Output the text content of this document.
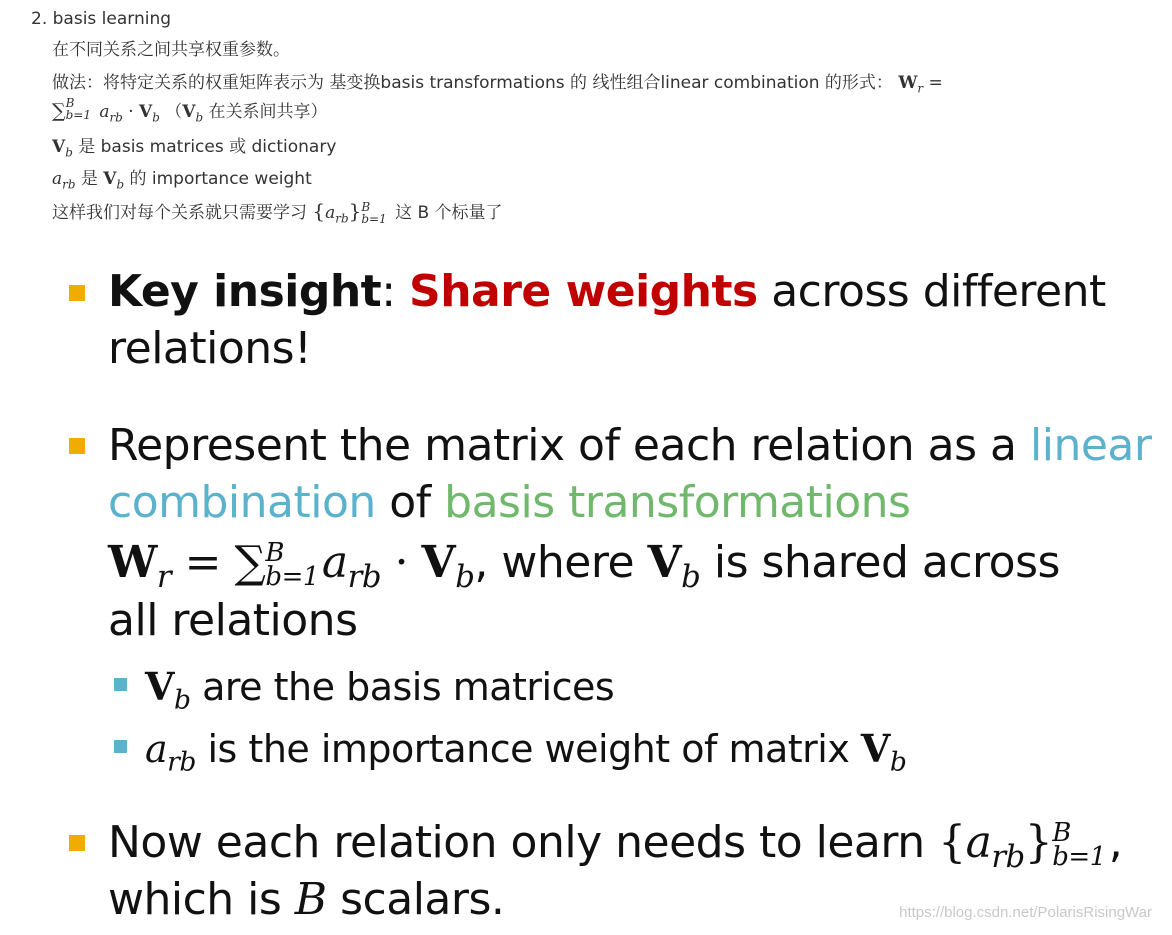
2. basis learning
在不同关系之间共享权重参数。
做法：将特定关系的权重矩阵表示为 基变换basis transformations 的 线性组合linear combination 的形式： $W_r$ =
∑ B
b=1 $a_{rb} \cdot V_b$ （$V_b$ 在关系间共享）
$V_b$ 是 basis matrices 或 dictionary
$a_{rb}$ 是 $V_b$ 的 importance weight
这样我们对每个关系就只需要学习 $\{a_{rb}\}$ B
b=1 这 B 个标量了
Key insight: Share weights across different
relations!
Represent the matrix of each relation as a linear
combination of basis transformations
$W_r$ = ∑ B
b=1 $a_{rb} \cdot V_b$, where $V_b$ is shared across
all relations
$V_b$ are the basis matrices
$a_{rb}$ is the importance weight of matrix $V_b$
Now each relation only needs to learn $\{a_{rb}\}$ B
b=1 ,
which is B scalars.	https://blog.csdn.net/PolarisRisingWar
